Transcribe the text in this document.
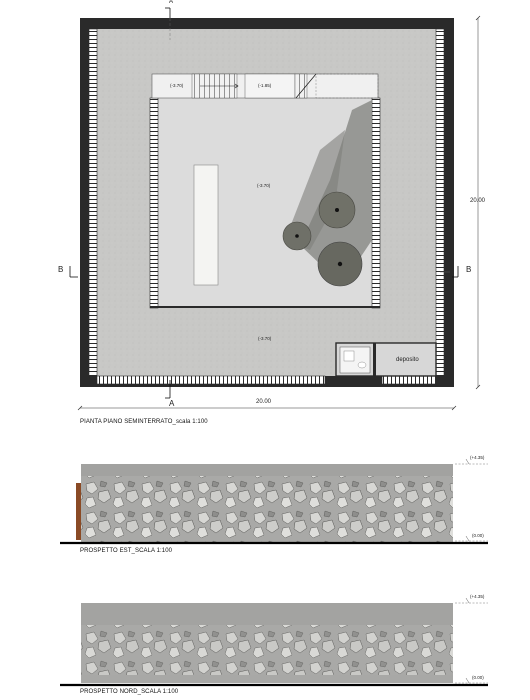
A
A
B	B
(-3.70)	(-1.85)
(-3.70)
(-3.70)
deposito
20.00
20.00
PIANTA PIANO SEMINTERRATO_scala 1:100
(+4.35)
(0.00)
PROSPETTO EST_SCALA 1:100
(+4.35)
(0.00)
PROSPETTO NORD_SCALA 1:100
